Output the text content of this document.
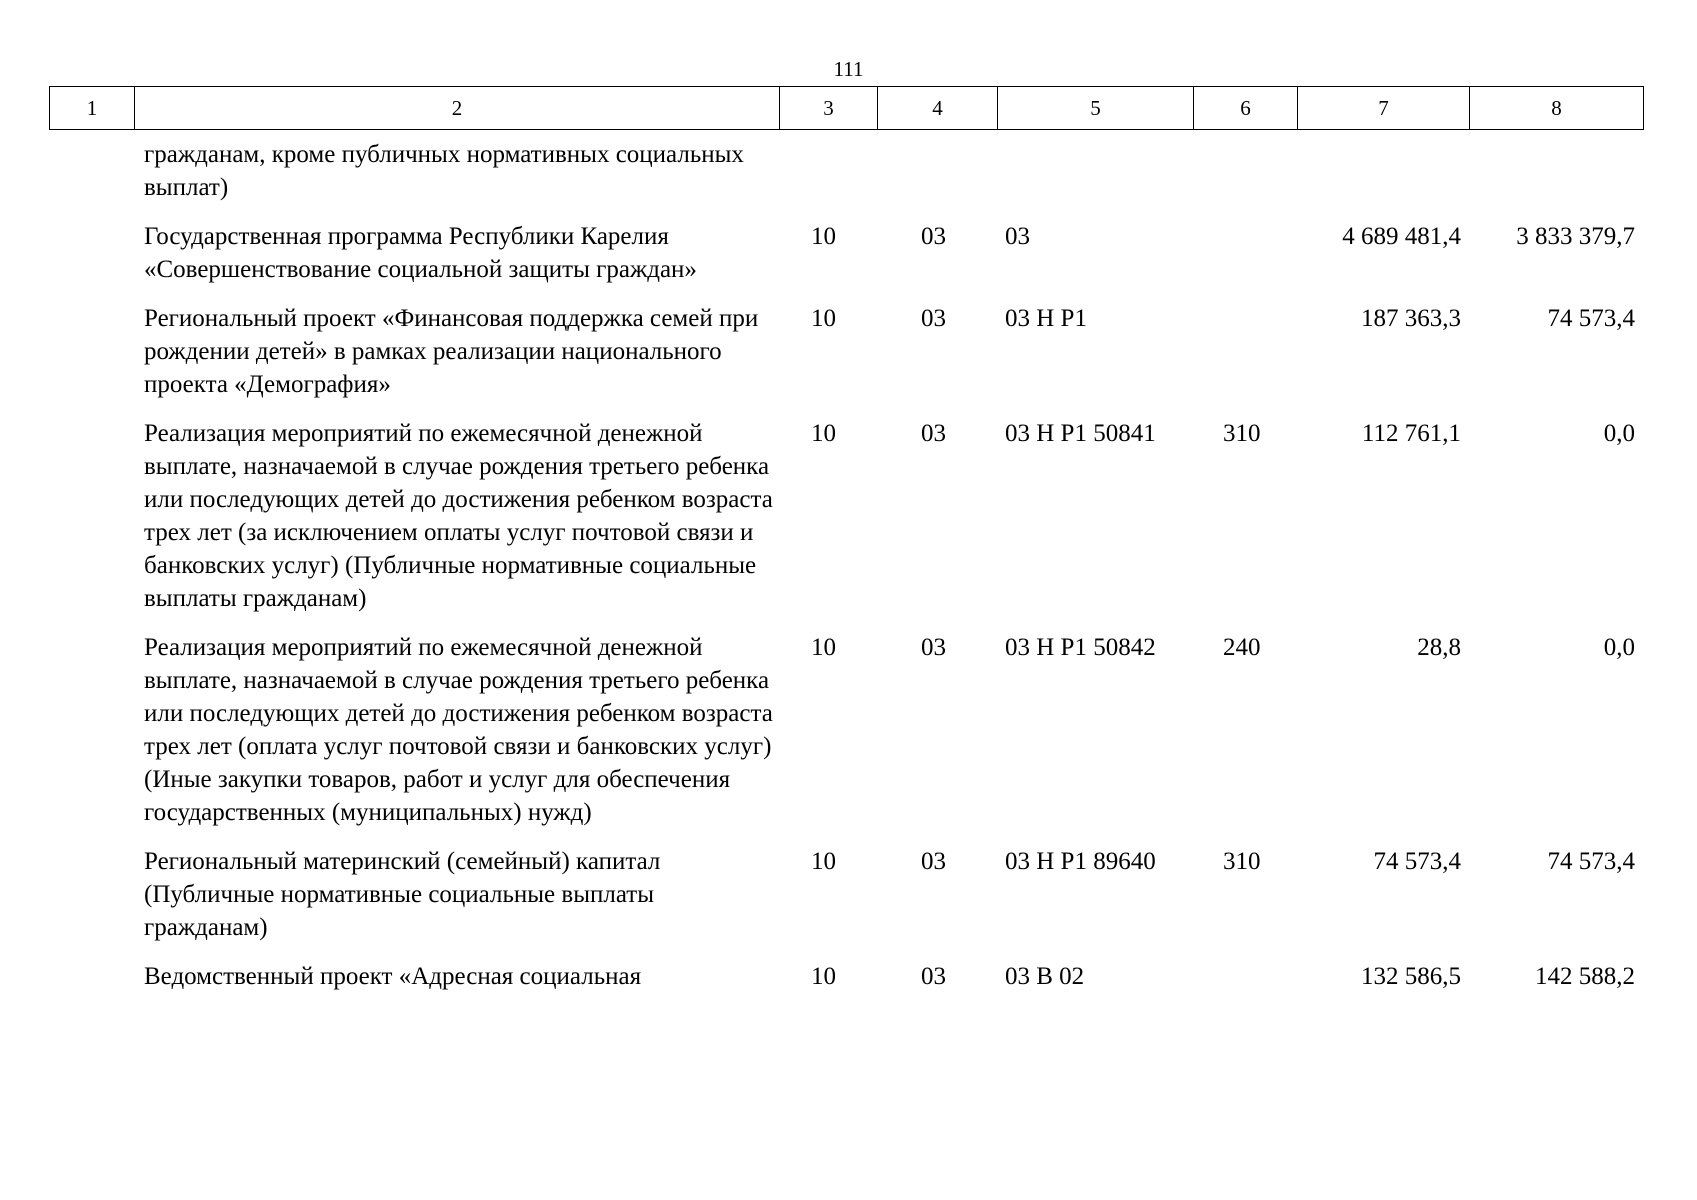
111
1	2	3	4	5	6	7	8
гражданам, кроме публичных нормативных социальных выплат)						
Государственная программа Республики Карелия «Совершенствование социальной защиты граждан»	10	03	03		4 689 481,4	3 833 379,7
Региональный проект «Финансовая поддержка семей при рождении детей» в рамках реализации национального проекта «Демография»	10	03	03 Н Р1		187 363,3	74 573,4
Реализация мероприятий по ежемесячной денежной выплате, назначаемой в случае рождения третьего ребенка или последующих детей до достижения ребенком возраста трех лет (за исключением оплаты услуг почтовой связи и банковских услуг) (Публичные нормативные социальные выплаты гражданам)	10	03	03 Н Р1 50841	310	112 761,1	0,0
Реализация мероприятий по ежемесячной денежной выплате, назначаемой в случае рождения третьего ребенка или последующих детей до достижения ребенком возраста трех лет (оплата услуг почтовой связи и банковских услуг) (Иные закупки товаров, работ и услуг для обеспечения государственных (муниципальных) нужд)	10	03	03 Н Р1 50842	240	28,8	0,0
Региональный материнский (семейный) капитал (Публичные нормативные социальные выплаты гражданам)	10	03	03 Н Р1 89640	310	74 573,4	74 573,4
Ведомственный проект «Адресная социальная	10	03	03 В 02		132 586,5	142 588,2
